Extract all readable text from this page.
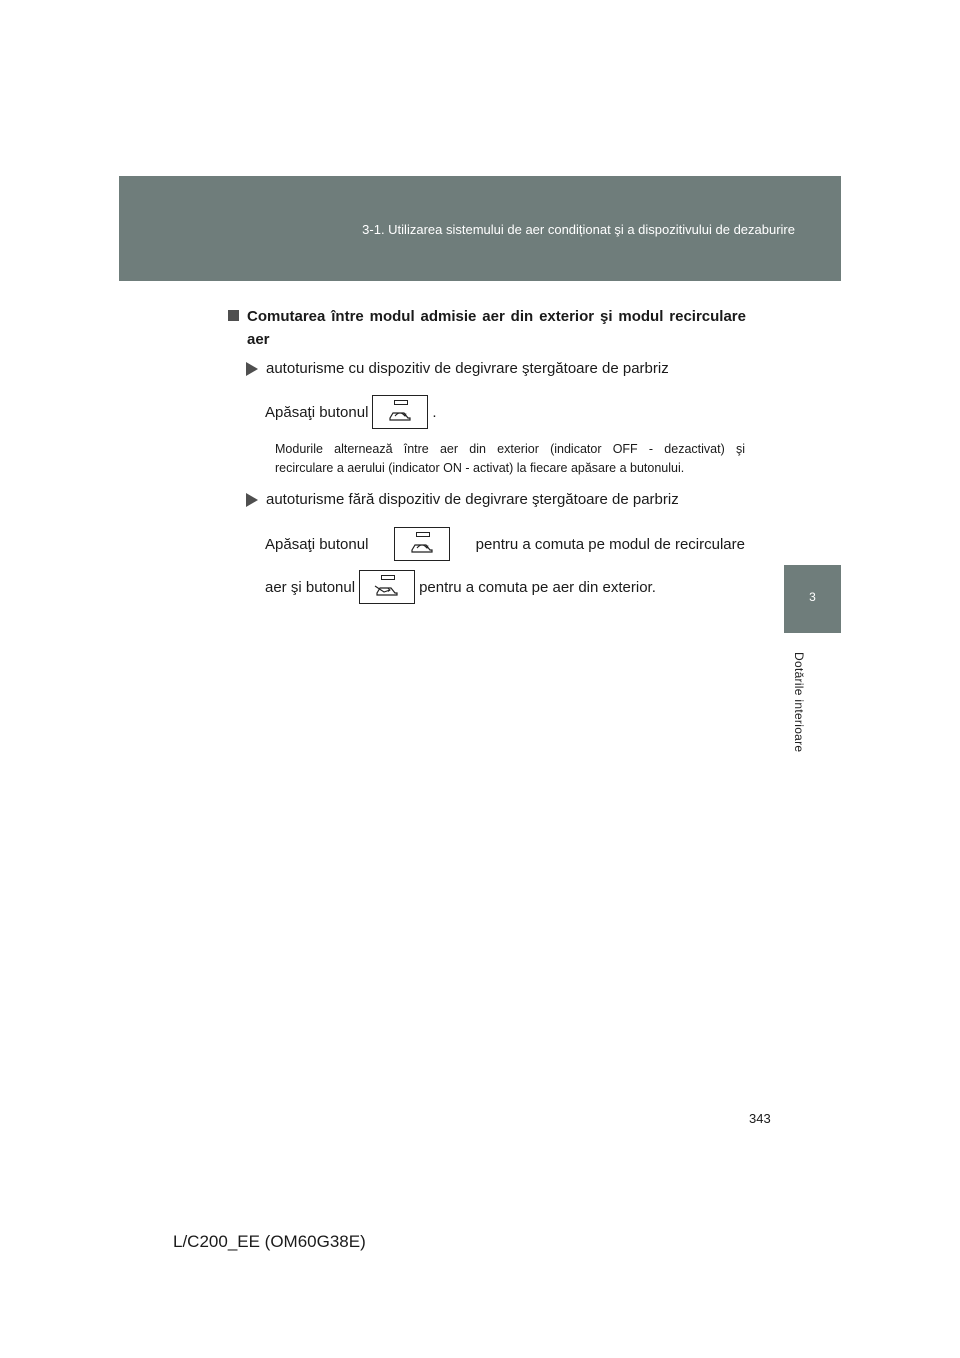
3-1. Utilizarea sistemului de aer condiționat şi a dispozitivului de dezaburire
3
Dotările interioare
Comutarea între modul admisie aer din exterior şi modul recirculare aer
autoturisme cu dispozitiv de degivrare ştergătoare de parbriz
Apăsaţi butonul	.
Modurile alternează între aer din exterior (indicator OFF - dezactivat) şi
recirculare a aerului (indicator ON - activat) la fiecare apăsare a butonului.
autoturisme fără dispozitiv de degivrare ştergătoare de parbriz
Apăsaţi butonul	pentru a comuta pe modul de recirculare
aer şi butonul	pentru a comuta pe aer din exterior.
343
L/C200_EE (OM60G38E)
